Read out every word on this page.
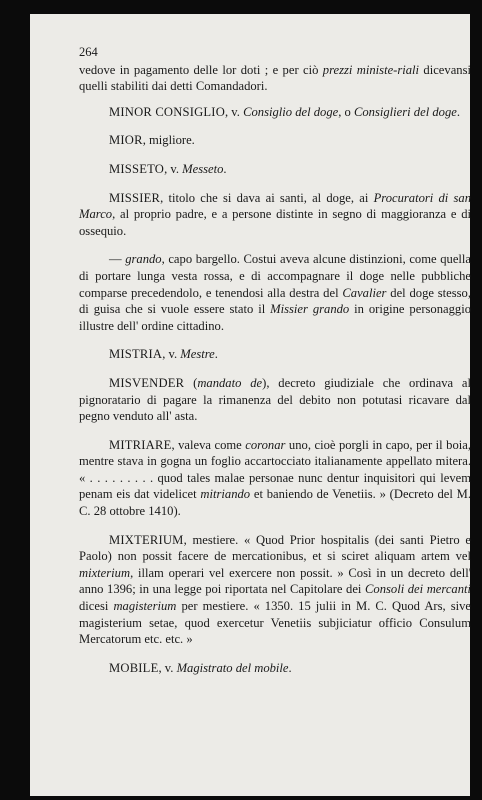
264

vedove in pagamento delle lor doti ; e per ciò prezzi ministe-riali dicevansi quelli stabiliti dai detti Comandadori.

MINOR CONSIGLIO, v. Consiglio del doge, o Consiglieri del doge.

MIOR, migliore.

MISSETO, v. Messeto.

MISSIER, titolo che si dava ai santi, al doge, ai Procuratori di san Marco, al proprio padre, e a persone distinte in segno di maggioranza e di ossequio.

— grando, capo bargello. Costui aveva alcune distinzioni, come quella di portare lunga vesta rossa, e di accompagnare il doge nelle pubbliche comparse precedendolo, e tenendosi alla destra del Cavalier del doge stesso, di guisa che si vuole essere stato il Missier grando in origine personaggio illustre dell' ordine cittadino.

MISTRIA, v. Mestre.

MISVENDER (mandato de), decreto giudiziale che ordinava al pignoratario di pagare la rimanenza del debito non potutasi ricavare dal pegno venduto all' asta.

MITRIARE, valeva come coronar uno, cioè porgli in capo, per il boia, mentre stava in gogna un foglio accartocciato italianamente appellato mitera. « . . . . . . . . . quod tales malae personae nunc dentur inquisitori qui levem penam eis dat videlicet mitriando et baniendo de Venetiis. » (Decreto del M. C. 28 ottobre 1410).

MIXTERIUM, mestiere. « Quod Prior hospitalis (dei santi Pietro e Paolo) non possit facere de mercationibus, et si sciret aliquam artem vel mixterium, illam operari vel exercere non possit. » Così in un decreto dell' anno 1396; in una legge poi riportata nel Capitolare dei Consoli dei mercanti dicesi magisterium per mestiere. « 1350. 15 julii in M. C. Quod Ars, sive magisterium setae, quod exercetur Venetiis subjiciatur officio Consulum Mercatorum etc. etc. »

MOBILE, v. Magistrato del mobile.
